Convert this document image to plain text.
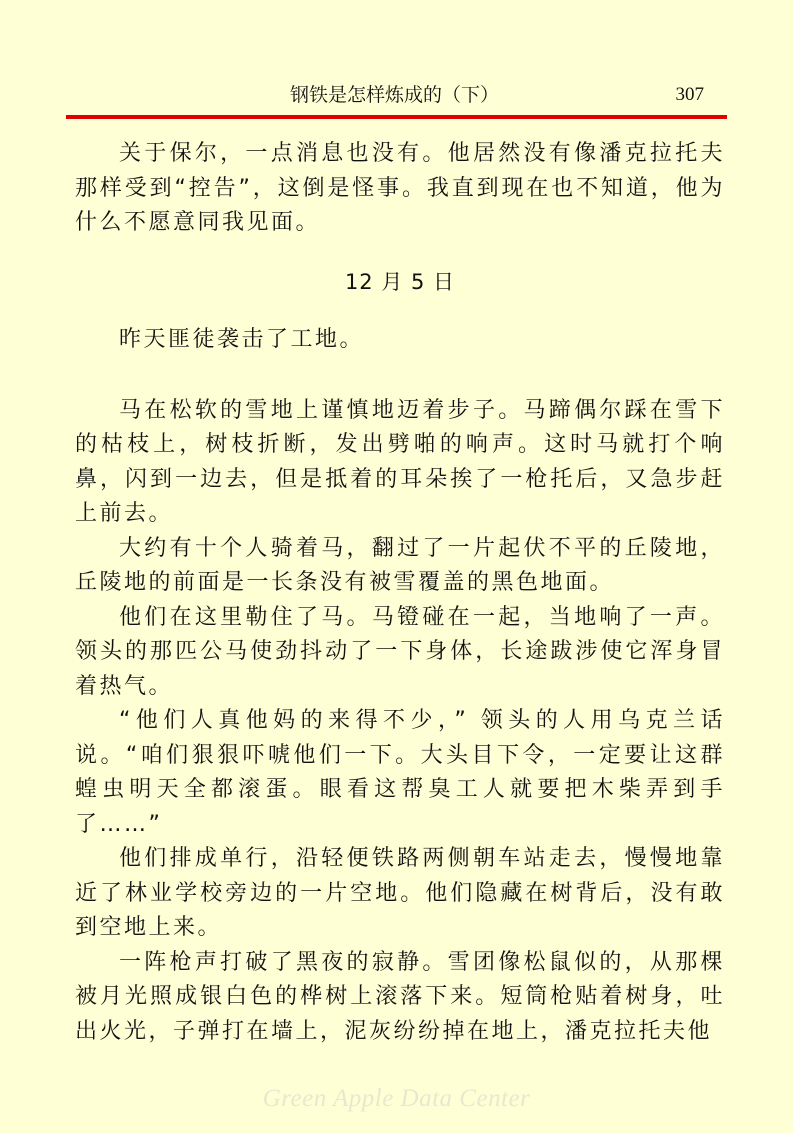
钢铁是怎样炼成的（下）	307

关于保尔，一点消息也没有。他居然没有像潘克拉托夫那样受到“控告”，这倒是怪事。我直到现在也不知道，他为什么不愿意同我见面。

12 月 5 日

昨天匪徒袭击了工地。

马在松软的雪地上谨慎地迈着步子。马蹄偶尔踩在雪下的枯枝上，树枝折断，发出劈啪的响声。这时马就打个响鼻，闪到一边去，但是抵着的耳朵挨了一枪托后，又急步赶上前去。

大约有十个人骑着马，翻过了一片起伏不平的丘陵地，丘陵地的前面是一长条没有被雪覆盖的黑色地面。

他们在这里勒住了马。马镫碰在一起，当地响了一声。领头的那匹公马使劲抖动了一下身体，长途跋涉使它浑身冒着热气。

“他们人真他妈的来得不少，” 领头的人用乌克兰话说。“咱们狠狠吓唬他们一下。大头目下令，一定要让这群蝗虫明天全都滚蛋。眼看这帮臭工人就要把木柴弄到手了……”

他们排成单行，沿轻便铁路两侧朝车站走去，慢慢地靠近了林业学校旁边的一片空地。他们隐藏在树背后，没有敢到空地上来。

一阵枪声打破了黑夜的寂静。雪团像松鼠似的，从那棵被月光照成银白色的桦树上滚落下来。短筒枪贴着树身，吐出火光，子弹打在墙上，泥灰纷纷掉在地上，潘克拉托夫他

Green Apple Data Center
